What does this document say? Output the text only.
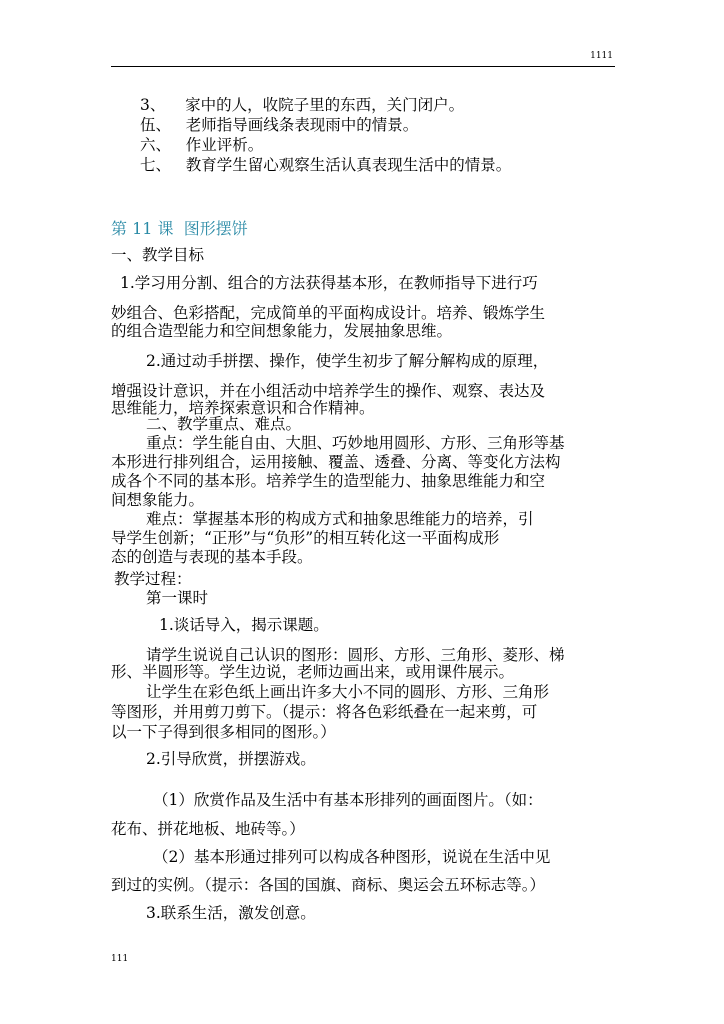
1111

3、    家中的人，收院子里的东西，关门闭户。

伍、   老师指导画线条表现雨中的情景。

六、   作业评析。

七、   教育学生留心观察生活认真表现生活中的情景。

第 11 课  图形摆饼

一、教学目标

1.学习用分割、组合的方法获得基本形，在教师指导下进行巧

妙组合、色彩搭配，完成简单的平面构成设计。培养、锻炼学生

的组合造型能力和空间想象能力，发展抽象思维。

2.通过动手拼摆、操作，使学生初步了解分解构成的原理，

增强设计意识，并在小组活动中培养学生的操作、观察、表达及

思维能力，培养探索意识和合作精神。

二、教学重点、难点。

重点：学生能自由、大胆、巧妙地用圆形、方形、三角形等基

本形进行排列组合，运用接触、覆盖、透叠、分离、等变化方法构

成各个不同的基本形。培养学生的造型能力、抽象思维能力和空

间想象能力。

难点：掌握基本形的构成方式和抽象思维能力的培养，引

导学生创新；“正形”与“负形”的相互转化这一平面构成形

态的创造与表现的基本手段。

教学过程：

第一课时

1.谈话导入，揭示课题。

请学生说说自己认识的图形：圆形、方形、三角形、菱形、梯

形、半圆形等。学生边说，老师边画出来，或用课件展示。

让学生在彩色纸上画出许多大小不同的圆形、方形、三角形

等图形，并用剪刀剪下。（提示：将各色彩纸叠在一起来剪，可

以一下子得到很多相同的图形。）

2.引导欣赏，拼摆游戏。

（1）欣赏作品及生活中有基本形排列的画面图片。（如：

花布、拼花地板、地砖等。）

（2）基本形通过排列可以构成各种图形，说说在生活中见

到过的实例。（提示：各国的国旗、商标、奥运会五环标志等。）

3.联系生活，激发创意。

111
